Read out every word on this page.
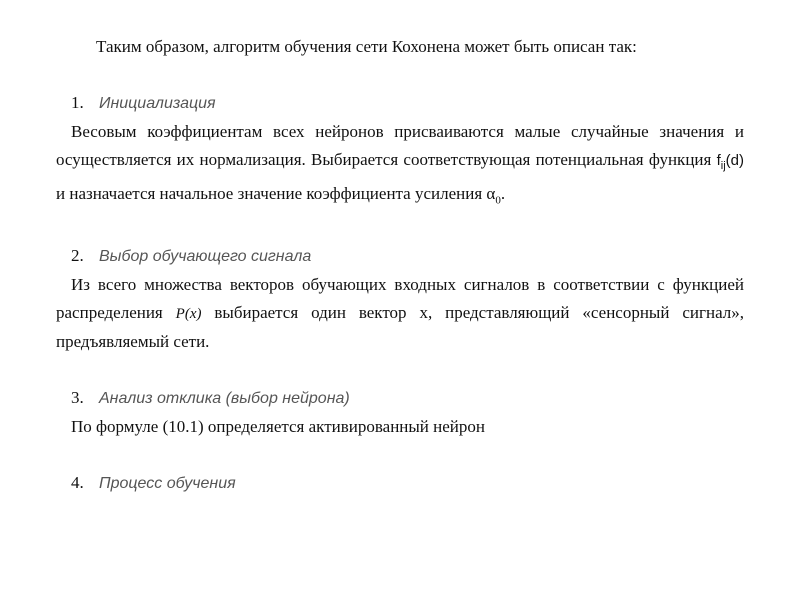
Таким образом, алгоритм обучения сети Кохонена может быть описан так:

1. Инициализация

Весовым коэффициентам всех нейронов присваиваются малые случайные значения и осуществляется их нормализация. Выбирается соответствующая потенциальная функция $f_{ij}(d)$ и назначается начальное значение коэффициента усиления $\alpha_0$.

2. Выбор обучающего сигнала

Из всего множества векторов обучающих входных сигналов в соответствии с функцией распределения P(x) выбирается один вектор x, представляющий «сенсорный сигнал», предъявляемый сети.

3. Анализ отклика (выбор нейрона)

По формуле (10.1) определяется активированный нейрон

4. Процесс обучения
